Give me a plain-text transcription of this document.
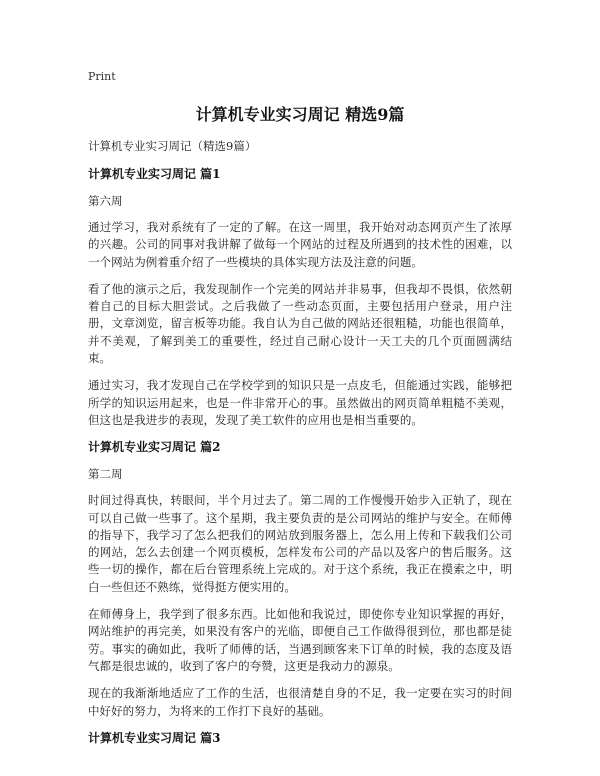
Print
计算机专业实习周记 精选9篇
计算机专业实习周记（精选9篇）
计算机专业实习周记 篇1
第六周

通过学习，我对系统有了一定的了解。在这一周里，我开始对动态网页产生了浓厚的兴趣。公司的同事对我讲解了做每一个网站的过程及所遇到的技术性的困难，以一个网站为例着重介绍了一些模块的具体实现方法及注意的问题。

看了他的演示之后，我发现制作一个完美的网站并非易事，但我却不畏惧，依然朝着自己的目标大胆尝试。之后我做了一些动态页面，主要包括用户登录，用户注册，文章浏览，留言板等功能。我自认为自己做的网站还很粗糙，功能也很简单，并不美观，了解到美工的重要性，经过自己耐心设计一天工夫的几个页面圆满结束。

通过实习，我才发现自己在学校学到的知识只是一点皮毛，但能通过实践，能够把所学的知识运用起来，也是一件非常开心的事。虽然做出的网页简单粗糙不美观，但这也是我进步的表现，发现了美工软件的应用也是相当重要的。

计算机专业实习周记 篇2
第二周

时间过得真快，转眼间，半个月过去了。第二周的工作慢慢开始步入正轨了，现在可以自己做一些事了。这个星期，我主要负责的是公司网站的维护与安全。在师傅的指导下，我学习了怎么把我们的网站放到服务器上，怎么用上传和下载我们公司的网站，怎么去创建一个网页模板，怎样发布公司的产品以及客户的售后服务。这些一切的操作，都在后台管理系统上完成的。对于这个系统，我正在摸索之中，明白一些但还不熟练，觉得挺方便实用的。

在师傅身上，我学到了很多东西。比如他和我说过，即使你专业知识掌握的再好，网站维护的再完美，如果没有客户的光临，即便自己工作做得很到位，那也都是徒劳。事实的确如此，我听了师傅的话，当遇到顾客来下订单的时候，我的态度及语气都是很忠诚的，收到了客户的夸赞，这更是我动力的源泉。

现在的我渐渐地适应了工作的生活，也很清楚自身的不足，我一定要在实习的时间中好好的努力，为将来的工作打下良好的基础。

计算机专业实习周记 篇3
